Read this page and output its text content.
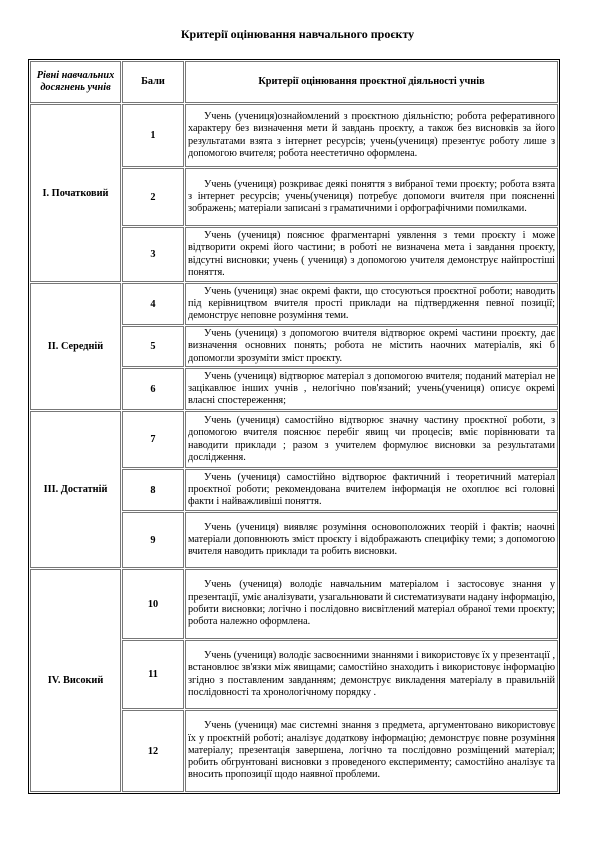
Критерії оцінювання навчального проєкту
Рівні навчальних досягнень учнів	Бали	Критерії оцінювання проєктної діяльності учнів
І. Початковий	1	Учень (учениця)ознайомлений з проєктною діяльністю; робота реферативного характеру без визначення мети й завдань проєкту, а також без висновків за його результатами взята з інтернет ресурсів; учень(учениця) презентує роботу лише з допомогою вчителя; робота неестетично оформлена.
	2	Учень (учениця) розкриває деякі поняття з вибраної теми проєкту; робота взята з інтернет ресурсів; учень(учениця) потребує допомоги вчителя при поясненні зображень; матеріали записані з граматичними і орфографічними помилками.
	3	Учень (учениця) пояснює фрагментарні уявлення з теми проєкту і може відтворити окремі його частини; в роботі не визначена мета і завдання проєкту, відсутні висновки; учень ( учениця) з допомогою учителя демонструє найпростіші поняття.
ІІ. Середній	4	Учень (учениця) знає окремі факти, що стосуються проєктної роботи; наводить під керівництвом вчителя прості приклади на підтвердження певної позиції; демонструє неповне розуміння теми.
	5	Учень (учениця) з допомогою вчителя відтворює окремі частини проєкту, дає визначення основних понять; робота не містить наочних матеріалів, які б допомогли зрозуміти зміст проєкту.
	6	Учень (учениця) відтворює матеріал з допомогою вчителя; поданий матеріал не зацікавлює інших учнів , нелогічно пов'язаний; учень(учениця) описує окремі власні спостереження;
ІІІ. Достатній	7	Учень (учениця) самостійно відтворює значну частину проєктної роботи, з допомогою вчителя пояснює перебіг явищ чи процесів; вміє порівнювати та наводити приклади ; разом з учителем формулює висновки за результатами дослідження.
	8	Учень (учениця) самостійно відтворює фактичний і теоретичний матеріал проєктної роботи; рекомендована вчителем інформація не охоплює всі головні факти і найважливіші поняття.
	9	Учень (учениця) виявляє розуміння основоположних теорій і фактів; наочні матеріали доповнюють зміст проєкту і відображають специфіку теми; з допомогою вчителя наводить приклади та робить висновки.
ІV. Високий	10	Учень (учениця) володіє навчальним матеріалом і застосовує знання у презентації, уміє аналізувати, узагальнювати й систематизувати надану інформацію, робити висновки; логічно і послідовно висвітлений матеріал обраної теми проєкту; робота належно оформлена.
	11	Учень (учениця) володіє засвоєнними знаннями і використовує їх у презентації , встановлює зв'язки між явищами; самостійно знаходить і використовує інформацію згідно з поставленим завданням; демонструє викладення матеріалу в правильній послідовності та хронологічному порядку .
	12	Учень (учениця) має системні знання з предмета, аргументовано використовує їх у проєктній роботі; аналізує додаткову інформацію; демонструє повне розуміння матеріалу; презентація завершена, логічно та послідовно розміщений матеріал; робить обгрунтовані висновки з проведеного експерименту; самостійно аналізує та вносить пропозиції щодо наявної проблеми.
